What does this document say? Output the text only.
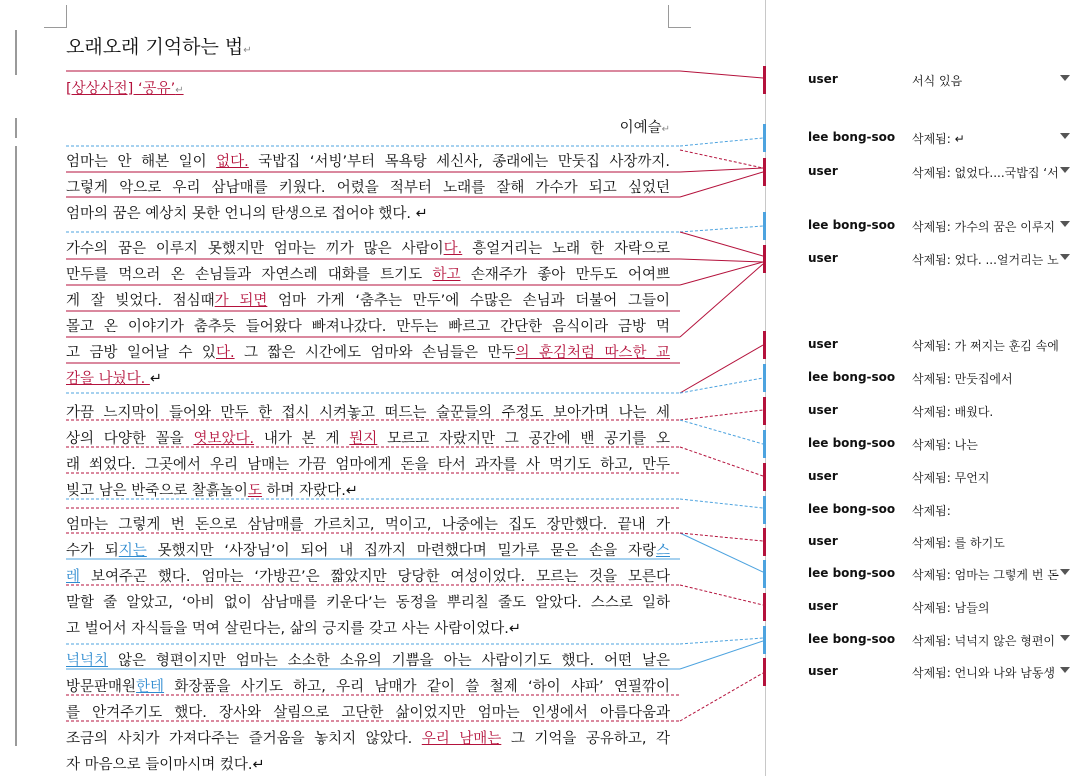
오래오래 기억하는 법↵
[상상사전] ‘공유’↵
이예슬↵
엄마는 안 해본 일이 없다. 국밥집 ‘서빙’부터 목욕탕 세신사, 종래에는 만둣집 사장까지.
그렇게 악으로 우리 삼남매를 키웠다. 어렸을 적부터 노래를 잘해 가수가 되고 싶었던
엄마의 꿈은 예상치 못한 언니의 탄생으로 접어야 했다. ↵
가수의 꿈은 이루지 못했지만 엄마는 끼가 많은 사람이다. 흥얼거리는 노래 한 자락으로
만두를 먹으러 온 손님들과 자연스레 대화를 트기도 하고 손재주가 좋아 만두도 어여쁘
게 잘 빚었다. 점심때가 되면 엄마 가게 ‘춤추는 만두’에 수많은 손님과 더불어 그들이
몰고 온 이야기가 춤추듯 들어왔다 빠져나갔다. 만두는 빠르고 간단한 음식이라 금방 먹
고 금방 일어날 수 있다. 그 짧은 시간에도 엄마와 손님들은 만두의 훈김처럼 따스한 교
감을 나눴다. ↵
가끔 느지막이 들어와 만두 한 접시 시켜놓고 떠드는 술꾼들의 주정도 보아가며 나는 세
상의 다양한 꼴을 엿보았다. 내가 본 게 뭔지 모르고 자랐지만 그 공간에 밴 공기를 오
래 쐬었다. 그곳에서 우리 남매는 가끔 엄마에게 돈을 타서 과자를 사 먹기도 하고, 만두
빚고 남은 반죽으로 찰흙놀이도 하며 자랐다.↵
엄마는 그렇게 번 돈으로 삼남매를 가르치고, 먹이고, 나중에는 집도 장만했다. 끝내 가
수가 되지는 못했지만 ‘사장님’이 되어 내 집까지 마련했다며 밀가루 묻은 손을 자랑스
레 보여주곤 했다. 엄마는 ‘가방끈’은 짧았지만 당당한 여성이었다. 모르는 것을 모른다
말할 줄 알았고, ‘아비 없이 삼남매를 키운다’는 동정을 뿌리칠 줄도 알았다. 스스로 일하
고 벌어서 자식들을 먹여 살린다는, 삶의 긍지를 갖고 사는 사람이었다.↵
넉넉치 않은 형편이지만 엄마는 소소한 소유의 기쁨을 아는 사람이기도 했다. 어떤 날은
방문판매원한테 화장품을 사기도 하고, 우리 남매가 같이 쓸 철제 ‘하이 샤파’ 연필깎이
를 안겨주기도 했다. 장사와 살림으로 고단한 삶이었지만 엄마는 인생에서 아름다움과
조금의 사치가 가져다주는 즐거움을 놓치지 않았다. 우리 남매는 그 기억을 공유하고, 각
자 마음으로 들이마시며 컸다.↵
user	서식 있음
lee bong-soo 삭제됨: ↵
user	삭제됨: 없었다....국밥집 ‘서
lee bong-soo 삭제됨: 가수의 꿈은 이루지
user	삭제됨: 었다. ...얼거리는 노
user	삭제됨: 가 쩌지는 훈김 속에
lee bong-soo 삭제됨: 만둣집에서
user	삭제됨: 배웠다.
lee bong-soo 삭제됨: 나는
user	삭제됨: 무언지
lee bong-soo 삭제됨:
user	삭제됨: 를 하기도
lee bong-soo 삭제됨: 엄마는 그렇게 번 돈
user	삭제됨: 남들의
lee bong-soo 삭제됨: 넉넉지 않은 형편이
user	삭제됨: 언니와 나와 남동생
